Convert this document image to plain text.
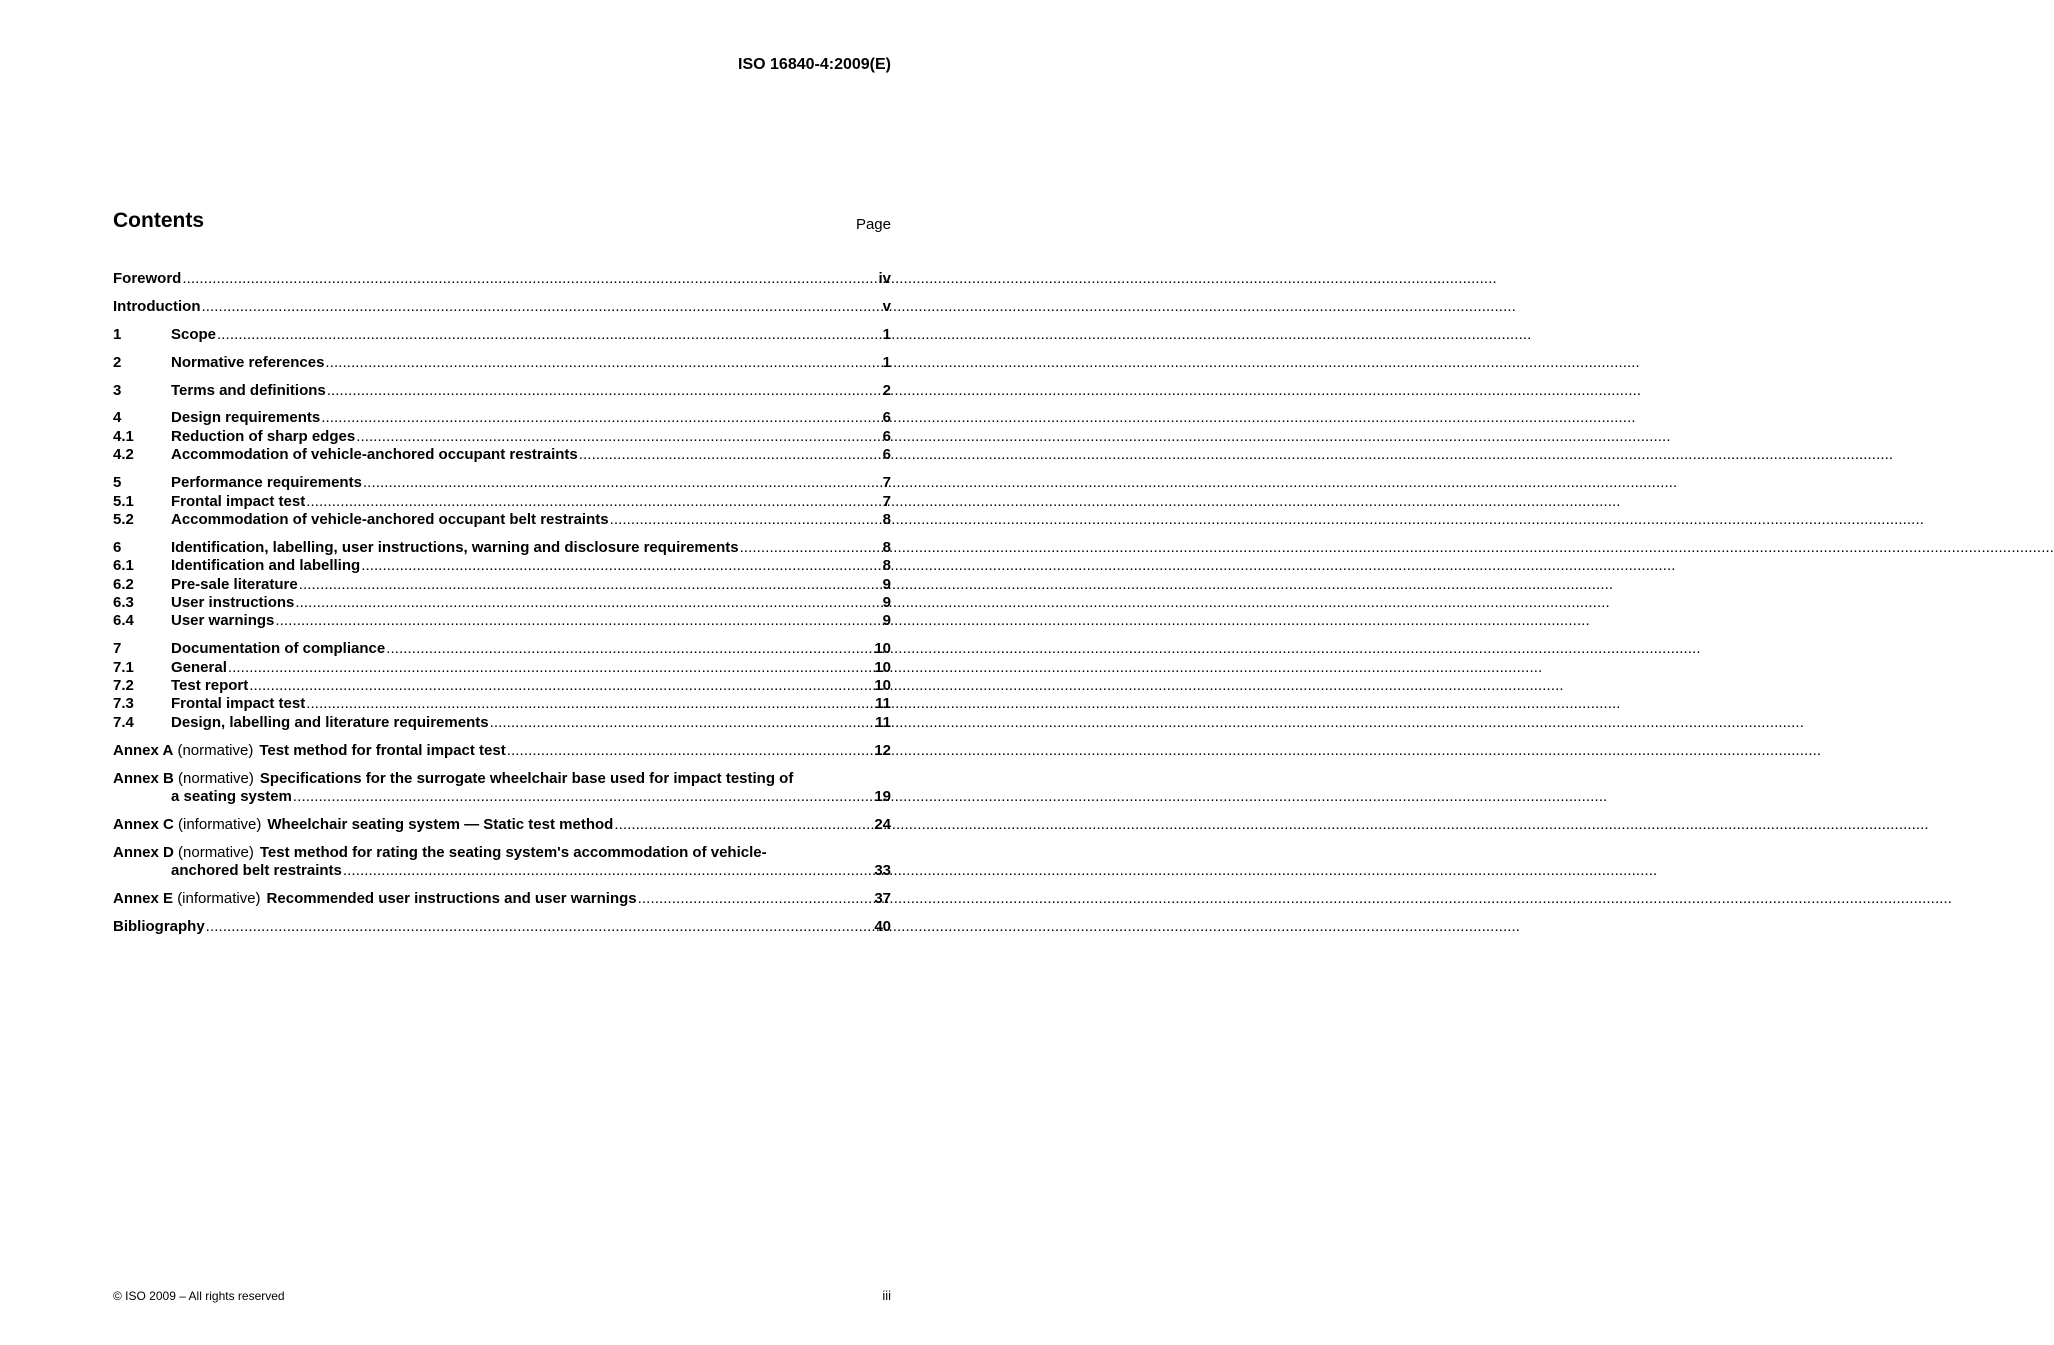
ISO 16840-4:2009(E)
Contents	Page
Foreword .....	iv
Introduction .....	v
1	Scope .....	1
2	Normative references .....	1
3	Terms and definitions .....	2
4	Design requirements .....	6
4.1	Reduction of sharp edges .....	6
4.2	Accommodation of vehicle-anchored occupant restraints .....	6
5	Performance requirements .....	7
5.1	Frontal impact test .....	7
5.2	Accommodation of vehicle-anchored occupant belt restraints .....	8
6	Identification, labelling, user instructions, warning and disclosure requirements .....	8
6.1	Identification and labelling .....	8
6.2	Pre-sale literature .....	9
6.3	User instructions .....	9
6.4	User warnings .....	9
7	Documentation of compliance .....	10
7.1	General .....	10
7.2	Test report .....	10
7.3	Frontal impact test .....	11
7.4	Design, labelling and literature requirements .....	11
Annex A
(normative) Test method for frontal impact test .....	12
Annex B
(normative) Specifications for the surrogate wheelchair base used for impact testing of
a seating system .....	19
Annex C
(informative) Wheelchair seating system — Static test method .....	24
Annex D
(normative) Test method for rating the seating system's accommodation of vehicle-
anchored belt restraints .....	33
Annex E
(informative) Recommended user instructions and user warnings .....	37
Bibliography .....	40
© ISO 2009 – All rights reserved	iii
